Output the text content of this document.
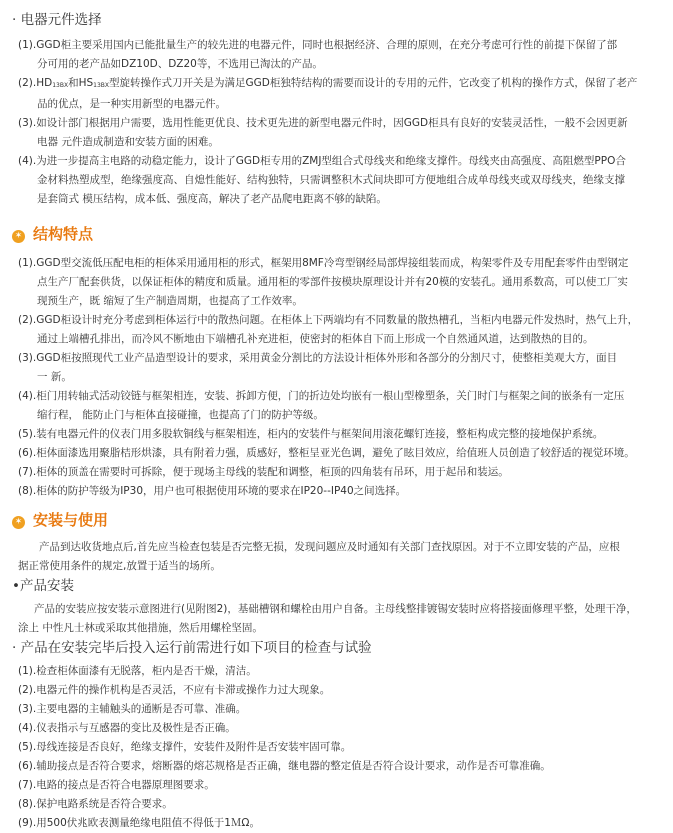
· 电器元件选择

(1).GGD柜主要采用国内已能批量生产的较先进的电器元件，同时也根据经济、合理的原则，在充分考虑可行性的前提下保留了部
分可用的老产品如DZ10D、DZ20等，不选用已淘汰的产品。

(2).HD13BX和HS13BX型旋转操作式刀开关是为满足GGD柜独特结构的需要而设计的专用的元件，它改变了机构的操作方式，保留了老产
品的优点，是一种实用新型的电器元件。

(3).如设计部门根据用户需要，选用性能更优良、技术更先进的新型电器元件时，因GGD柜具有良好的安装灵活性，一般不会因更新
电器 元件造成制造和安装方面的困难。

(4).为进一步提高主电路的动稳定能力，设计了GGD柜专用的ZMJ型组合式母线夹和绝缘支撑件。母线夹由高强度、高阻燃型PPO合
金材料热塑成型，绝缘强度高、自熄性能好、结构独特，只需调整积木式间块即可方便地组合成单母线夹或双母线夹，绝缘支撑
是套筒式 模压结构，成本低、强度高，解决了老产品爬电距离不够的缺陷。

✶ 结构特点

(1).GGD型交流低压配电柜的柜体采用通用柜的形式，框架用8MF冷弯型钢经局部焊接组装而成，构架零件及专用配套零件由型钢定
点生产厂配套供货，以保证柜体的精度和质量。通用柜的零部件按模块原理设计并有20模的安装孔。通用系数高，可以使工厂实
现预生产，既 缩短了生产制造周期，也提高了工作效率。

(2).GGD柜设计时充分考虑到柜体运行中的散热问题。在柜体上下两端均有不同数量的散热槽孔，当柜内电器元件发热时，热气上升，
通过上端槽孔排出，而冷风不断地由下端槽孔补充进柜，使密封的柜体自下而上形成一个自然通风道，达到散热的目的。

(3).GGD柜按照现代工业产品造型设计的要求，采用黄金分割比的方法设计柜体外形和各部分的分割尺寸，使整柜美观大方，面目
一 新。

(4).柜门用转轴式活动铰链与框架相连，安装、拆卸方便，门的折边处均嵌有一根山型橡塑条，关门时门与框架之间的嵌条有一定压
缩行程， 能防止门与柜体直接碰撞，也提高了门的防护等级。

(5).装有电器元件的仪表门用多股软铜线与框架相连，柜内的安装件与框架间用滚花螺钉连接，整柜构成完整的接地保护系统。

(6).柜体面漆选用聚脂桔形烘漆，具有附着力强，质感好，整柜呈亚光色调，避免了眩目效应，给值班人员创造了较舒适的视觉环境。

(7).柜体的顶盖在需要时可拆除，便于现场主母线的装配和调整，柜顶的四角装有吊环，用于起吊和装运。

(8).柜体的防护等级为IP30，用户也可根据使用环境的要求在IP20--IP40之间选择。

✶ 安装与使用
产品到达收货地点后,首先应当检查包装是否完整无损，发现问题应及时通知有关部门查找原因。对于不立即安装的产品，应根
据正常使用条件的规定,放置于适当的场所。
•产品安装
产品的安装应按安装示意图进行(见附图2)，基础槽钢和螺栓由用户自备。主母线整排镀锡安装时应将搭接面修理平整，处理干净，
涂上 中性凡士林或采取其他措施，然后用螺栓坚固。
· 产品在安装完毕后投入运行前需进行如下项目的检查与试验

(1).检查柜体面漆有无脱落，柜内是否干燥，清洁。

(2).电器元件的操作机构是否灵活，不应有卡滞或操作力过大现象。

(3).主要电器的主辅触头的通断是否可靠、准确。

(4).仪表指示与互感器的变比及极性是否正确。

(5).母线连接是否良好，绝缘支撑件，安装件及附件是否安装牢固可靠。

(6).辅助接点是否符合要求，熔断器的熔芯规格是否正确，继电器的整定值是否符合设计要求，动作是否可靠准确。

(7).电路的接点是否符合电器原理图要求。

(8).保护电路系统是否符合要求。

(9).用500伏兆欧表测量绝缘电阻值不得低于1ＭΩ。
